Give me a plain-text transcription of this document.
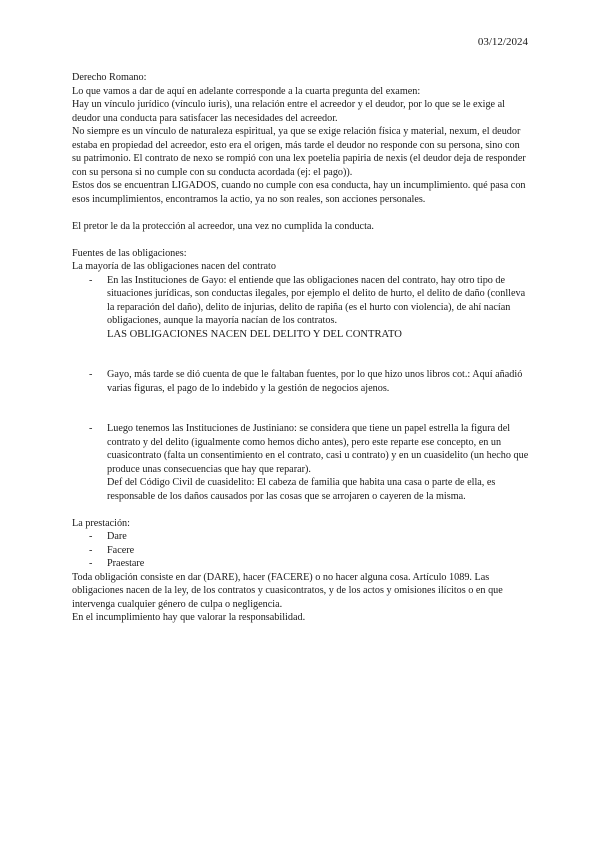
03/12/2024

Derecho Romano:

Lo que vamos a dar de aquí en adelante corresponde a la cuarta pregunta del examen:

Hay un vínculo jurídico (vínculo iuris), una relación entre el acreedor y el deudor, por lo que se le exige al deudor una conducta para satisfacer las necesidades del acreedor.

No siempre es un vínculo de naturaleza espiritual, ya que se exige relación física y material, nexum, el deudor estaba en propiedad del acreedor, esto era el origen, más tarde el deudor no responde con su persona, sino con su patrimonio. El contrato de nexo se rompió con una lex poetelia papiria de nexis (el deudor deja de responder con su persona si no cumple con su conducta acordada (ej: el pago)).

Estos dos se encuentran LIGADOS, cuando no cumple con esa conducta, hay un incumplimiento. qué pasa con esos incumplimientos, encontramos la actio, ya no son reales, son acciones personales.

El pretor le da la protección al acreedor, una vez no cumplida la conducta.

Fuentes de las obligaciones:

La mayoría de las obligaciones nacen del contrato

- En las Instituciones de Gayo: el entiende que las obligaciones nacen del contrato, hay otro tipo de situaciones jurídicas, son conductas ilegales, por ejemplo el delito de hurto, el delito de daño (conlleva la reparación del daño), delito de injurias, delito de rapiña (es el hurto con violencia), de ahí nacían obligaciones, aunque la mayoría nacían de los contratos.
LAS OBLIGACIONES NACEN DEL DELITO Y DEL CONTRATO
- Gayo, más tarde se dió cuenta de que le faltaban fuentes, por lo que hizo unos libros cot.: Aquí añadió varias figuras, el pago de lo indebido y la gestión de negocios ajenos.
- Luego tenemos las Instituciones de Justiniano: se considera que tiene un papel estrella la figura del contrato y del delito (igualmente como hemos dicho antes), pero este reparte ese concepto, en un cuasicontrato (falta un consentimiento en el contrato, casi u contrato) y en un cuasidelito (un hecho que produce unas consecuencias que hay que reparar).
Def del Código Civil de cuasidelito: El cabeza de familia que habita una casa o parte de ella, es responsable de los daños causados por las cosas que se arrojaren o cayeren de la misma.

La prestación:

- Dare
- Facere
- Praestare

Toda obligación consiste en dar (DARE), hacer (FACERE) o no hacer alguna cosa. Artículo 1089. Las obligaciones nacen de la ley, de los contratos y cuasicontratos, y de los actos y omisiones ilícitos o en que intervenga cualquier género de culpa o negligencia.

En el incumplimiento hay que valorar la responsabilidad.
